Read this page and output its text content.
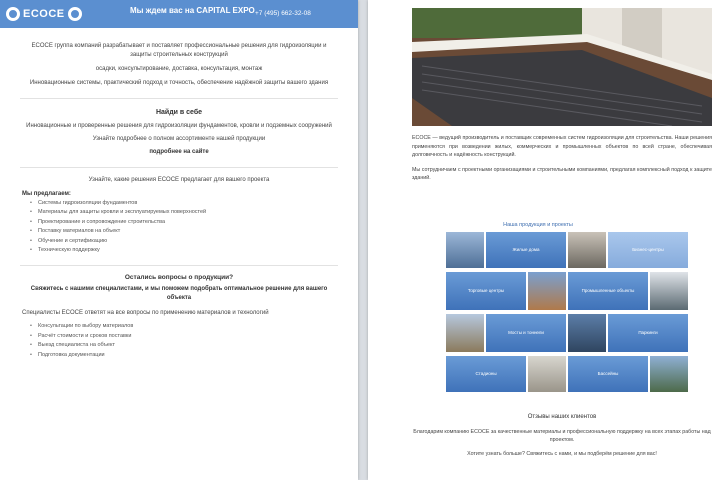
ECOCE	Мы ждем вас на CAPITAL EXPO +7 (495) 662-32-08

ECOCE группа компаний разрабатывает и поставляет профессиональные решения для гидроизоляции и защиты строительных конструкций

осадки, консультирование, доставка, консультация, монтаж

Инновационные системы, практический подход и точность, обеспечение надёжной защиты вашего здания

Найди в себе

Инновационные и проверенные решения для гидроизоляции фундаментов, кровли и подземных сооружений

Узнайте подробнее о полном ассортименте нашей продукции

подробнее на сайте

Узнайте, какие решения ECOCE предлагает для вашего проекта

Мы предлагаем:
• Системы гидроизоляции фундаментов
• Материалы для защиты кровли и эксплуатируемых поверхностей
• Проектирование и сопровождение строительства
• Поставку материалов на объект
• Обучение и сертификацию
• Техническую поддержку
Остались вопросы о продукции?

Свяжитесь с нашими специалистами, и мы поможем подобрать оптимальное решение для вашего объекта

Специалисты ECOCE ответят на все вопросы по применению материалов и технологий

• Консультации по выбору материалов
• Расчёт стоимости и сроков поставки
• Выезд специалиста на объект
• Подготовка документации

ECOCE — ведущий производитель и поставщик современных систем гидроизоляции для строительства. Наши решения применяются при возведении жилых, коммерческих и промышленных объектов по всей стране, обеспечивая долговечность и надёжность конструкций.

Мы сотрудничаем с проектными организациями и строительными компаниями, предлагая комплексный подход к защите зданий.

Наша продукция и проекты
Жилые дома	Бизнес-центры
Торговые центры	Промышленные объекты
Мосты и тоннели	Паркинги
Стадионы	Бассейны
Отзывы наших клиентов

Благодарим компанию ECOCE за качественные материалы и профессиональную поддержку на всех этапах работы над проектом.

Хотите узнать больше? Свяжитесь с нами, и мы подберём решение для вас!
